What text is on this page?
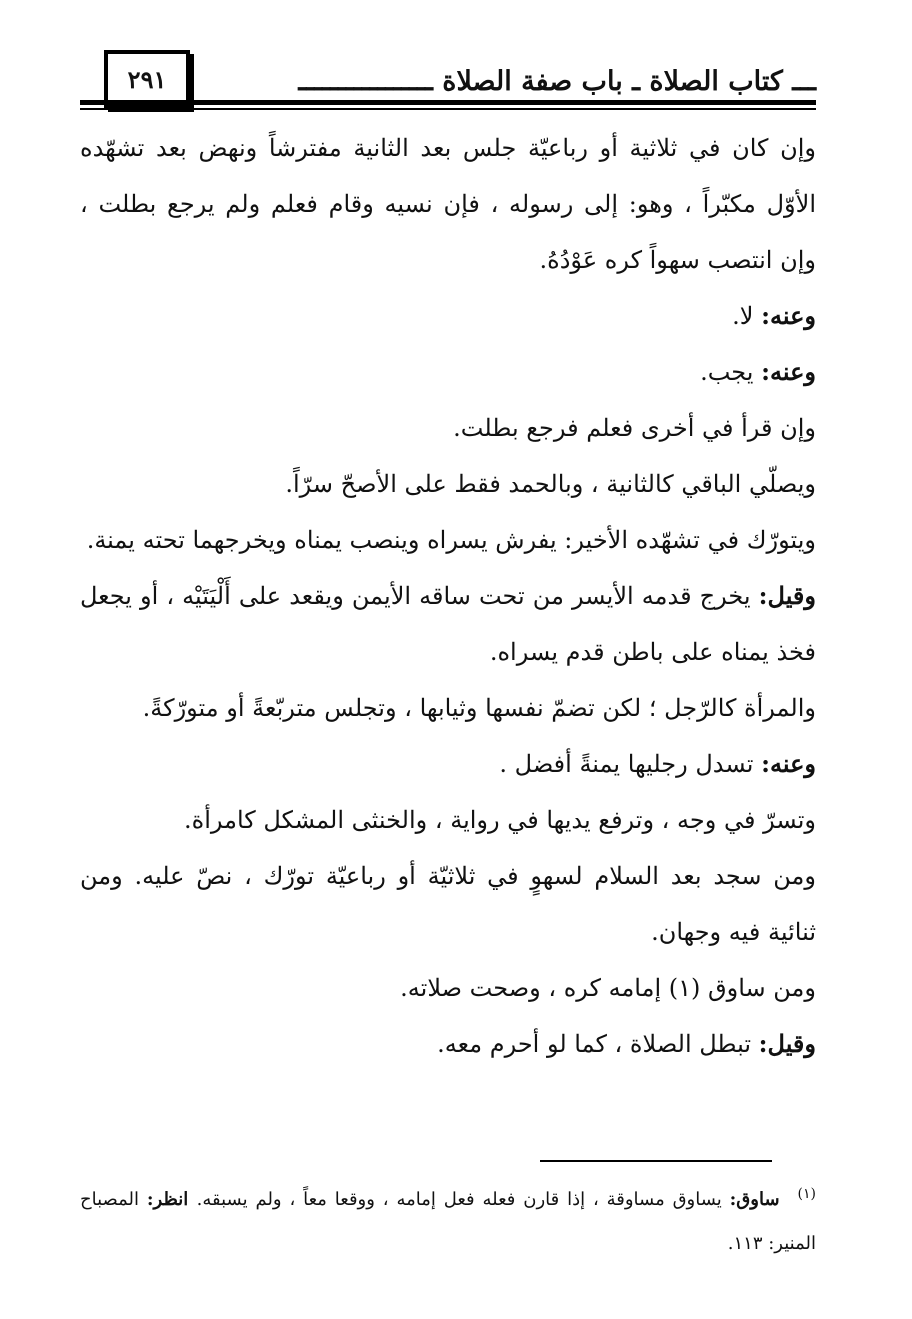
٢٩١	ـــ كتاب الصلاة ـ باب صفة الصلاة ـــــــــــــــــ

وإن كان في ثلاثية أو رباعيّة جلس بعد الثانية مفترشاً ونهض بعد تشهّده الأوّل مكبّراً ، وهو: إلى رسوله ، فإن نسيه وقام فعلم ولم يرجع بطلت ، وإن انتصب سهواً كره عَوْدُهُ.

وعنه: لا.

وعنه: يجب.

وإن قرأ في أخرى فعلم فرجع بطلت.

ويصلّي الباقي كالثانية ، وبالحمد فقط على الأصحّ سرّاً.

ويتورّك في تشهّده الأخير: يفرش يسراه وينصب يمناه ويخرجهما تحته يمنة.

وقيل: يخرج قدمه الأيسر من تحت ساقه الأيمن ويقعد على أَلْيَتَيْه ، أو يجعل فخذ يمناه على باطن قدم يسراه.

والمرأة كالرّجل ؛ لكن تضمّ نفسها وثيابها ، وتجلس متربّعةً أو متورّكةً.

وعنه: تسدل رجليها يمنةً أفضل .

وتسرّ في وجه ، وترفع يديها في رواية ، والخنثى المشكل كامرأة.

ومن سجد بعد السلام لسهوٍ في ثلاثيّة أو رباعيّة تورّك ، نصّ عليه. ومن ثنائية فيه وجهان.

ومن ساوق (١) إمامه كره ، وصحت صلاته.

وقيل: تبطل الصلاة ، كما لو أحرم معه.

$^{(١)}$ساوق: يساوق مساوقة ، إذا قارن فعله فعل إمامه ، ووقعا معاً ، ولم يسبقه. انظر: المصباح المنير: ١١٣.
